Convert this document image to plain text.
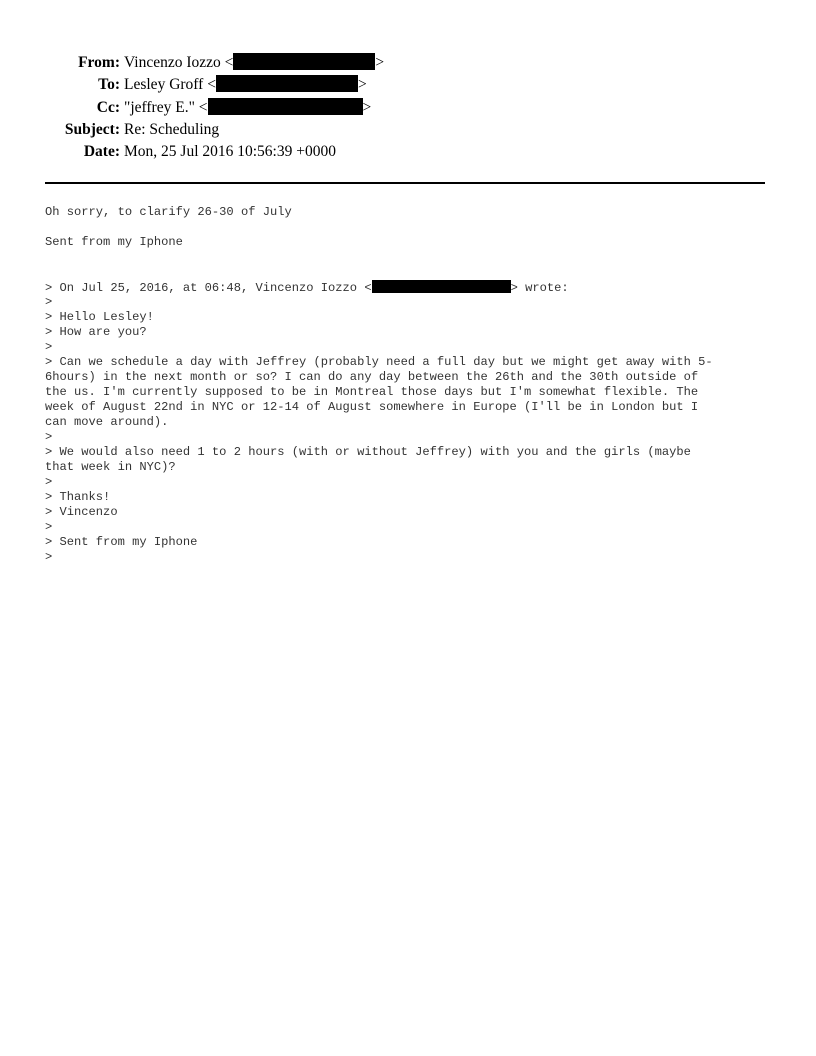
From: Vincenzo Iozzo <	>
To: Lesley Groff <	>
Cc: "jeffrey E." <	>
Subject: Re: Scheduling
Date: Mon, 25 Jul 2016 10:56:39 +0000
Oh sorry, to clarify 26-30 of July
Sent from my Iphone
> On Jul 25, 2016, at 06:48, Vincenzo Iozzo <	> wrote:
>
> Hello Lesley!
> How are you?
>
> Can we schedule a day with Jeffrey (probably need a full day but we might get away with 5-
6hours) in the next month or so? I can do any day between the 26th and the 30th outside of
the us. I'm currently supposed to be in Montreal those days but I'm somewhat flexible. The
week of August 22nd in NYC or 12-14 of August somewhere in Europe (I'll be in London but I
can move around).
>
> We would also need 1 to 2 hours (with or without Jeffrey) with you and the girls (maybe
that week in NYC)?
>
> Thanks!
> Vincenzo
>
> Sent from my Iphone
>
